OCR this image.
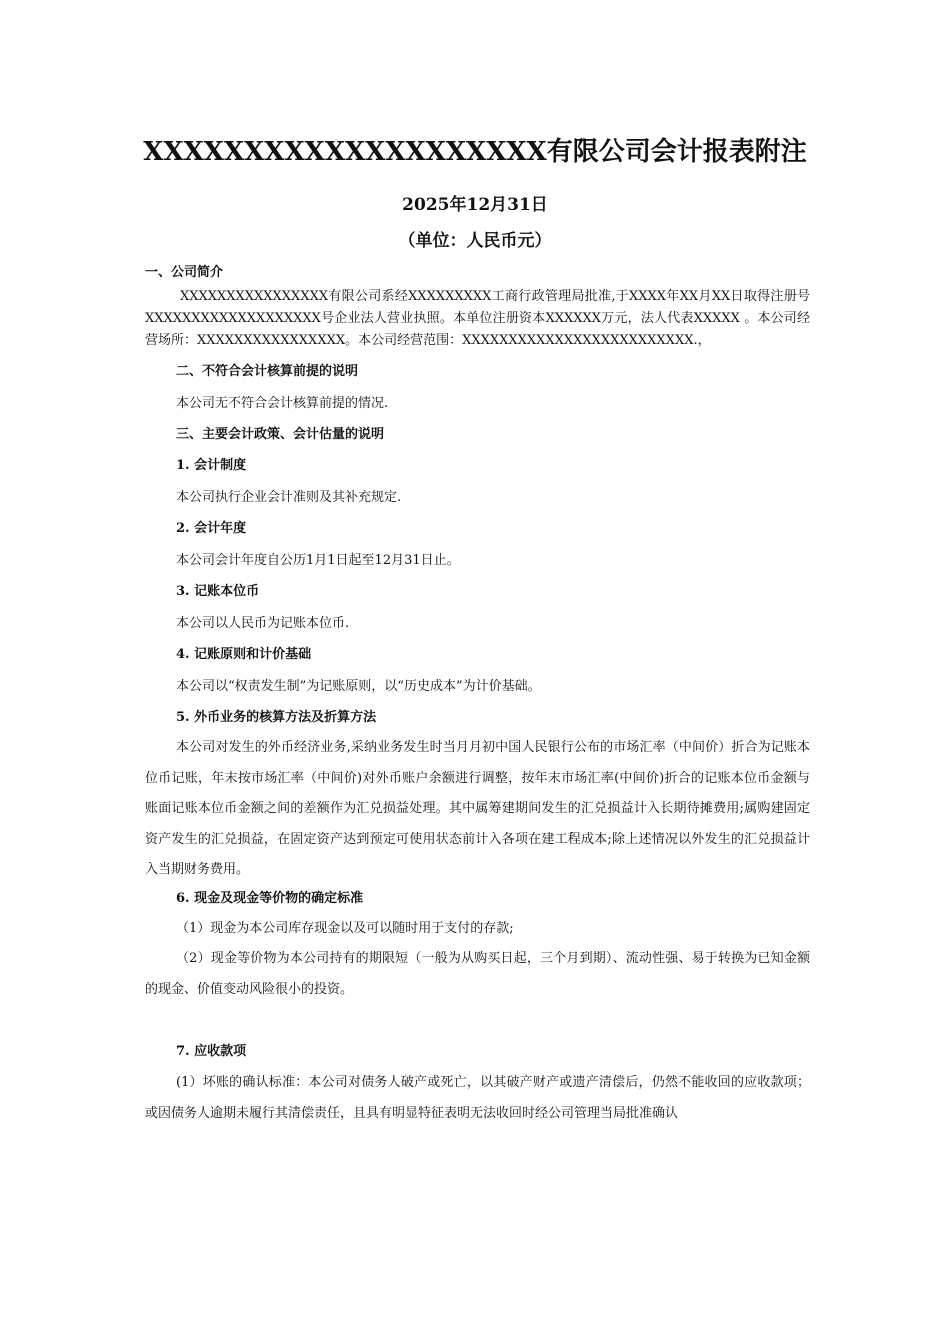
XXXXXXXXXXXXXXXXXXXX有限公司会计报表附注
2025年12月31日
（单位：人民币元）
一、公司简介

XXXXXXXXXXXXXXXX有限公司系经XXXXXXXXX工商行政管理局批准,于XXXX年XX月XX日取得注册号XXXXXXXXXXXXXXXXXXX号企业法人营业执照。本单位注册资本XXXXXX万元，法人代表XXXXX 。本公司经营场所：XXXXXXXXXXXXXXXX。本公司经营范围：XXXXXXXXXXXXXXXXXXXXXXXXX.，

二、不符合会计核算前提的说明
本公司无不符合会计核算前提的情况.
三、主要会计政策、会计估量的说明
1. 会计制度
本公司执行企业会计准则及其补充规定.
2. 会计年度
本公司会计年度自公历1月1日起至12月31日止。
3. 记账本位币
本公司以人民币为记账本位币.
4. 记账原则和计价基础
本公司以“权责发生制”为记账原则，以“历史成本”为计价基础。
5. 外币业务的核算方法及折算方法

本公司对发生的外币经济业务,采纳业务发生时当月月初中国人民银行公布的市场汇率（中间价）折合为记账本位币记账，年末按市场汇率（中间价)对外币账户余额进行调整，按年末市场汇率(中间价)折合的记账本位币金额与账面记账本位币金额之间的差额作为汇兑损益处理。其中属筹建期间发生的汇兑损益计入长期待摊费用;属购建固定资产发生的汇兑损益，在固定资产达到预定可使用状态前计入各项在建工程成本;除上述情况以外发生的汇兑损益计入当期财务费用。

6. 现金及现金等价物的确定标准

（1）现金为本公司库存现金以及可以随时用于支付的存款;

（2）现金等价物为本公司持有的期限短（一般为从购买日起，三个月到期）、流动性强、易于转换为已知金额的现金、价值变动风险很小的投资。

7. 应收款项

(1）坏账的确认标准：本公司对债务人破产或死亡，以其破产财产或遗产清偿后，仍然不能收回的应收款项；或因债务人逾期未履行其清偿责任，且具有明显特征表明无法收回时经公司管理当局批准确认
